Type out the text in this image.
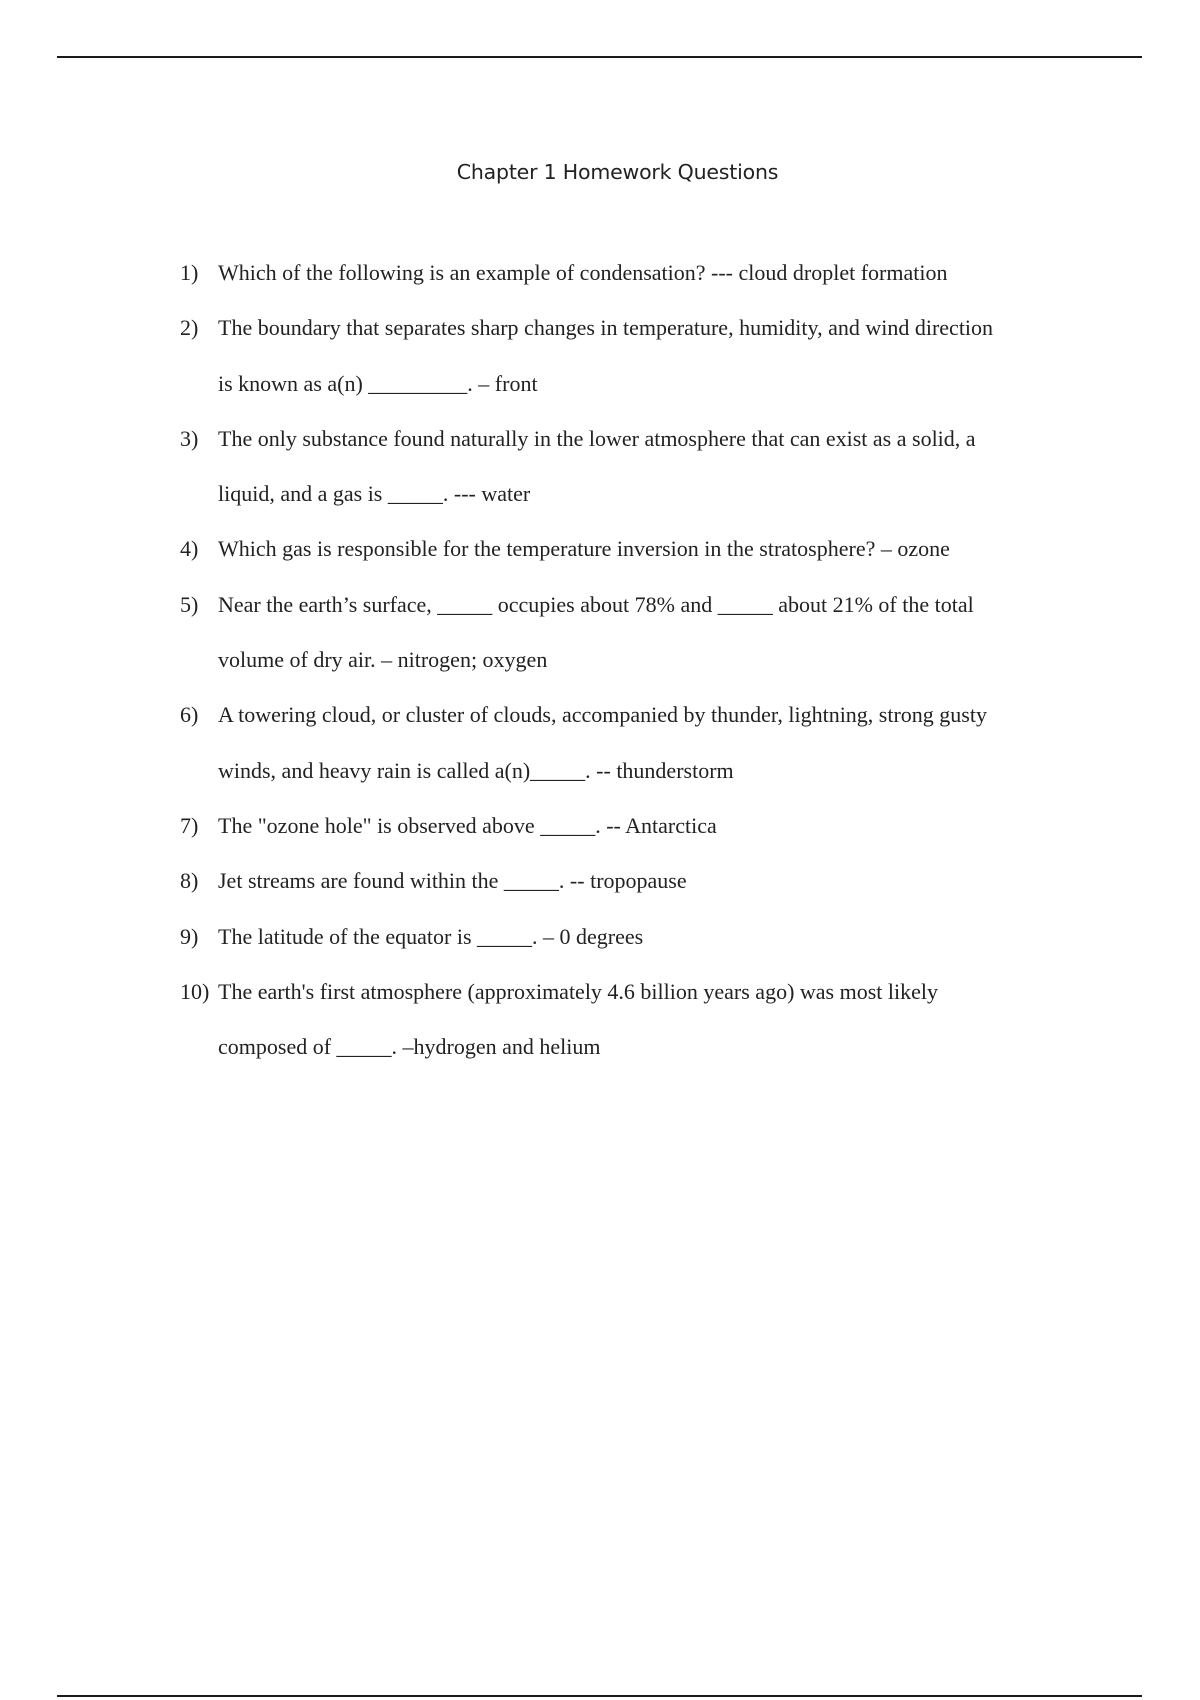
Chapter 1 Homework Questions
1) Which of the following is an example of condensation? --- cloud droplet formation
2) The boundary that separates sharp changes in temperature, humidity, and wind direction
is known as a(n) _________. – front
3) The only substance found naturally in the lower atmosphere that can exist as a solid, a
liquid, and a gas is _____. --- water
4) Which gas is responsible for the temperature inversion in the stratosphere? – ozone
5) Near the earth’s surface, _____ occupies about 78% and _____ about 21% of the total
volume of dry air. – nitrogen; oxygen
6) A towering cloud, or cluster of clouds, accompanied by thunder, lightning, strong gusty
winds, and heavy rain is called a(n)_____. -- thunderstorm
7) The "ozone hole" is observed above _____. -- Antarctica
8) Jet streams are found within the _____. -- tropopause
9) The latitude of the equator is _____. – 0 degrees
10) The earth's first atmosphere (approximately 4.6 billion years ago) was most likely
composed of _____. –hydrogen and helium
